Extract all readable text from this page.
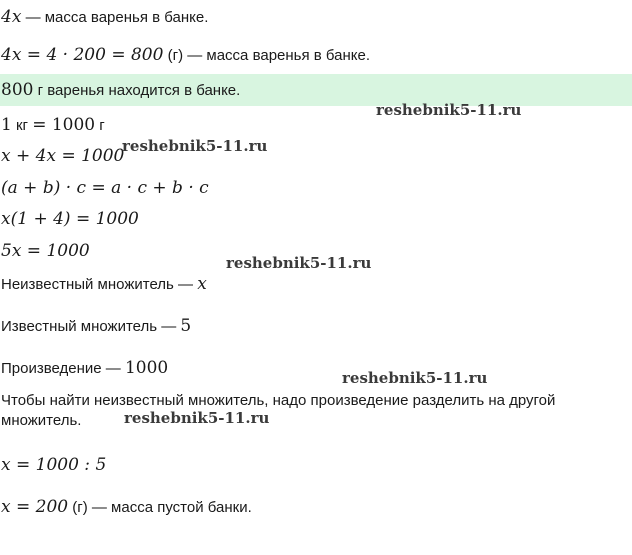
4x — масса варенья в банке.
4x = 4 · 200 = 800 (г) — масса варенья в банке.
800 г варенья находится в банке.
1 кг = 1000 г
x + 4x = 1000
(a + b) · c = a · c + b · c
x(1 + 4) = 1000
5x = 1000
Неизвестный множитель — x
Известный множитель — 5
Произведение — 1000
Чтобы найти неизвестный множитель, надо произведение разделить на другой множитель.
x = 1000 : 5
x = 200 (г) — масса пустой банки.
reshebnik5-11.ru
reshebnik5-11.ru
reshebnik5-11.ru
reshebnik5-11.ru
reshebnik5-11.ru
